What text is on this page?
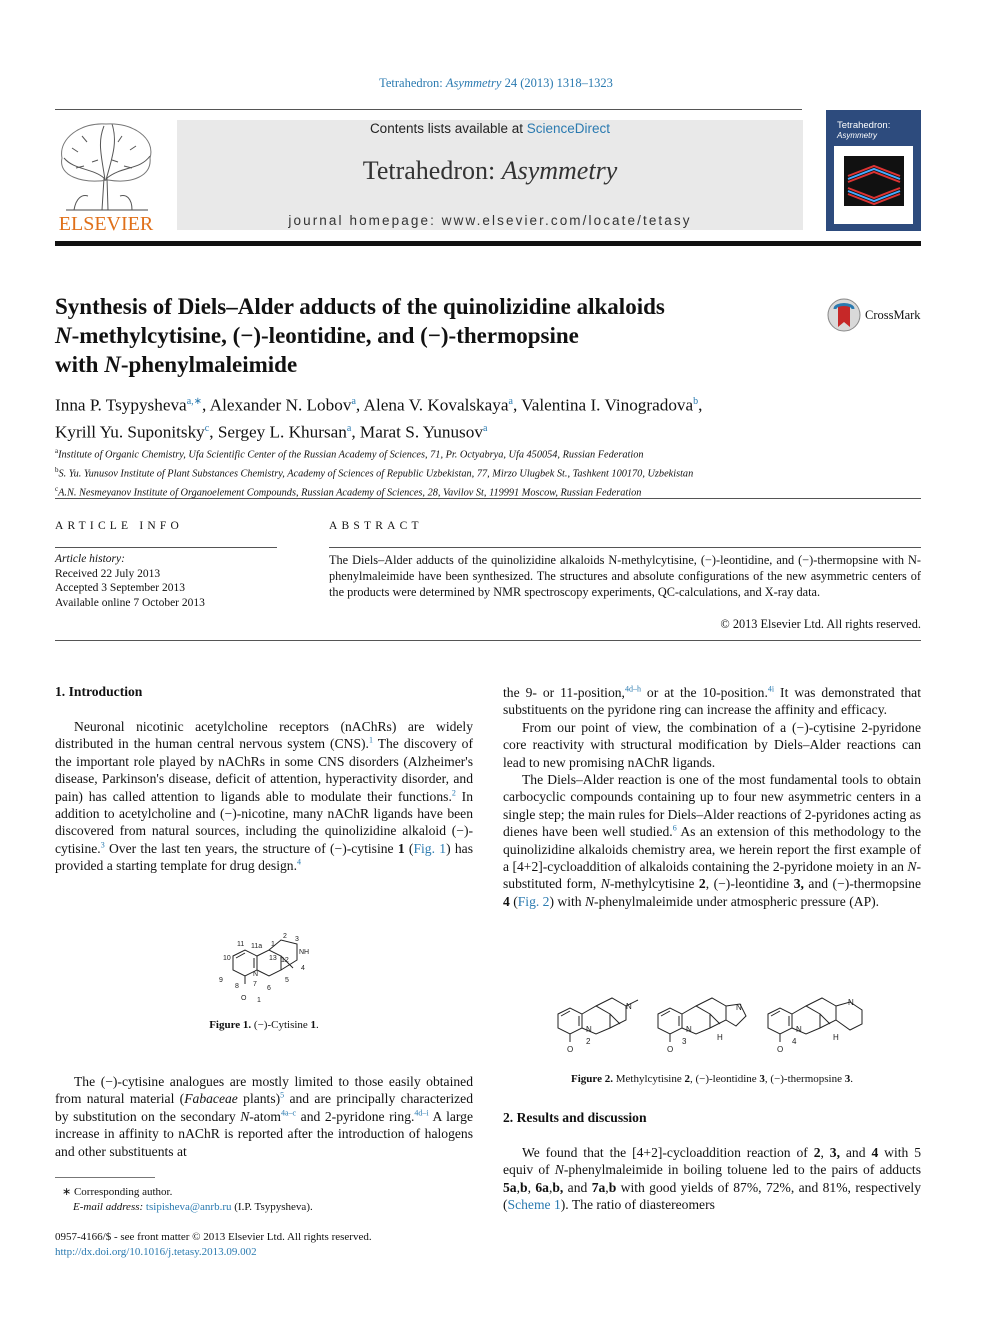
Tetrahedron: Asymmetry 24 (2013) 1318–1323
ELSEVIER
Contents lists available at ScienceDirect
Tetrahedron: Asymmetry
journal homepage: www.elsevier.com/locate/tetasy
Tetrahedron:
Asymmetry
Synthesis of Diels–Alder adducts of the quinolizidine alkaloids
N-methylcytisine, (−)-leontidine, and (−)-thermopsine
with N-phenylmaleimide
CrossMark
Inna P. Tsypysheva$^{a,∗}$, Alexander N. Lobov$^a$, Alena V. Kovalskaya$^a$, Valentina I. Vinogradova$^b$,
Kyrill Yu. Suponitsky$^c$, Sergey L. Khursan$^a$, Marat S. Yunusov$^a$
$^a$Institute of Organic Chemistry, Ufa Scientific Center of the Russian Academy of Sciences, 71, Pr. Octyabrya, Ufa 450054, Russian Federation
$^b$S. Yu. Yunusov Institute of Plant Substances Chemistry, Academy of Sciences of Republic Uzbekistan, 77, Mirzo Ulugbek St., Tashkent 100170, Uzbekistan
$^c$A.N. Nesmeyanov Institute of Organoelement Compounds, Russian Academy of Sciences, 28, Vavilov St, 119991 Moscow, Russian Federation
ARTICLE INFO
Article history:
Received 22 July 2013
Accepted 3 September 2013
Available online 7 October 2013
ABSTRACT
The Diels–Alder adducts of the quinolizidine alkaloids N-methylcytisine, (−)-leontidine, and (−)-thermopsine with N-phenylmaleimide have been synthesized. The structures and absolute configurations of the new asymmetric centers of the products were determined by NMR spectroscopy experiments, QC-calculations, and X-ray data.
© 2013 Elsevier Ltd. All rights reserved.
1. Introduction

Neuronal nicotinic acetylcholine receptors (nAChRs) are widely distributed in the human central nervous system (CNS).$^1$ The discovery of the important role played by nAChRs in some CNS disorders (Alzheimer's disease, Parkinson's disease, deficit of attention, hyperactivity disorder, and pain) has called attention to ligands able to modulate their functions.$^2$ In addition to acetylcholine and (−)-nicotine, many nAChR ligands have been discovered from natural sources, including the quinolizidine alkaloid (−)-cytisine.$^3$ Over the last ten years, the structure of (−)-cytisine 1 (Fig. 1) has provided a starting template for drug design.$^4$

2 3
11 11a 1
NH
10	13 12
4
9
N
7
6
5
8
O 1
Figure 1. (−)-Cytisine 1.

The (−)-cytisine analogues are mostly limited to those easily obtained from natural material (Fabaceae plants)$^5$ and are principally characterized by substitution on the secondary N-atom$^{4a-c}$ and 2-pyridone ring.$^{4d-i}$ A large increase in affinity to nAChR is reported after the introduction of halogens and other substituents at

∗ Corresponding author.
E-mail address: tsipisheva@anrb.ru (I.P. Tsypysheva).
0957-4166/$ - see front matter © 2013 Elsevier Ltd. All rights reserved.
http://dx.doi.org/10.1016/j.tetasy.2013.09.002

the 9- or 11-position,$^{4d-h}$ or at the 10-position.$^{4i}$ It was demonstrated that substituents on the pyridone ring can increase the affinity and efficacy.

From our point of view, the combination of a (−)-cytisine 2-pyridone core reactivity with structural modification by Diels–Alder reactions can lead to new promising nAChR ligands.

The Diels–Alder reaction is one of the most fundamental tools to obtain carbocyclic compounds containing up to four new asymmetric centers in a single step; the main rules for Diels–Alder reactions of 2-pyridones acting as dienes have been well studied.$^6$ As an extension of this methodology to the quinolizidine alkaloids chemistry area, we herein report the first example of a [4+2]-cycloaddition of alkaloids containing the 2-pyridone moiety in an N-substituted form, N-methylcytisine 2, (−)-leontidine 3, and (−)-thermopsine 4 (Fig. 2) with N-phenylmaleimide under atmospheric pressure (AP).

N
N
2
O
N
N
H
3
O
N
N
H
4
O
Figure 2. Methylcytisine 2, (−)-leontidine 3, (−)-thermopsine 3.
2. Results and discussion

We found that the [4+2]-cycloaddition reaction of 2, 3, and 4 with 5 equiv of N-phenylmaleimide in boiling toluene led to the pairs of adducts 5a,b, 6a,b, and 7a,b with good yields of 87%, 72%, and 81%, respectively (Scheme 1). The ratio of diastereomers
